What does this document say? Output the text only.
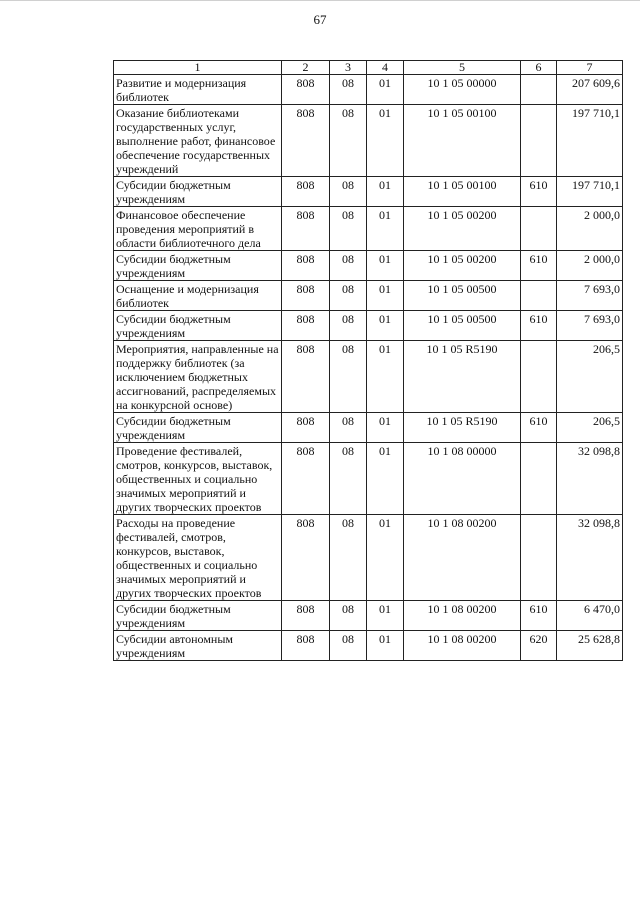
67
1	2	3	4	5	6	7
Развитие и модернизация библиотек	808	08	01	10 1 05 00000		207 609,6
Оказание библиотеками государственных услуг, выполнение работ, финансовое обеспечение государственных учреждений	808	08	01	10 1 05 00100		197 710,1
Субсидии бюджетным учреждениям	808	08	01	10 1 05 00100	610	197 710,1
Финансовое обеспечение проведения мероприятий в области библиотечного дела	808	08	01	10 1 05 00200		2 000,0
Субсидии бюджетным учреждениям	808	08	01	10 1 05 00200	610	2 000,0
Оснащение и модернизация библиотек	808	08	01	10 1 05 00500		7 693,0
Субсидии бюджетным учреждениям	808	08	01	10 1 05 00500	610	7 693,0
Мероприятия, направленные на поддержку библиотек (за исключением бюджетных ассигнований, распределяемых на конкурсной основе)	808	08	01	10 1 05 R5190		206,5
Субсидии бюджетным учреждениям	808	08	01	10 1 05 R5190	610	206,5
Проведение фестивалей, смотров, конкурсов, выставок, общественных и социально значимых мероприятий и других творческих проектов	808	08	01	10 1 08 00000		32 098,8
Расходы на проведение фестивалей, смотров, конкурсов, выставок, общественных и социально значимых мероприятий и других творческих проектов	808	08	01	10 1 08 00200		32 098,8
Субсидии бюджетным учреждениям	808	08	01	10 1 08 00200	610	6 470,0
Субсидии автономным учреждениям	808	08	01	10 1 08 00200	620	25 628,8
